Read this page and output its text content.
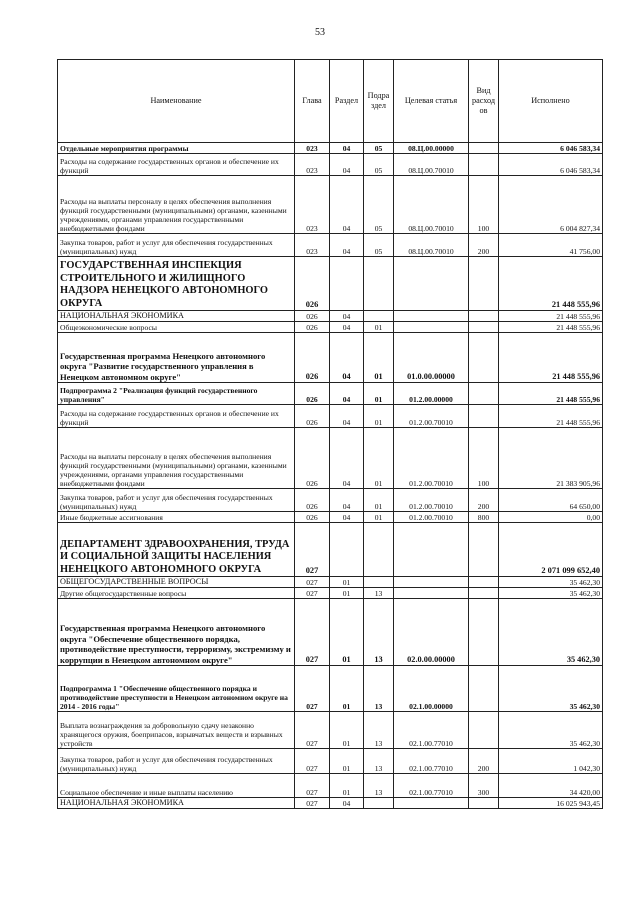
53
Наименование	Глава	Раздел	Подра здел	Целевая статья	Вид расход ов	Исполнено
Отдельные мероприятия программы	023	04	05	08.Ц.00.00000		6 046 583,34
Расходы на содержание государственных органов и обеспечение их функций	023	04	05	08.Ц.00.70010		6 046 583,34
Расходы на выплаты персоналу в целях обеспечения выполнения функций государственными (муниципальными) органами, казенными учреждениями, органами управления государственными внебюджетными фондами	023	04	05	08.Ц.00.70010	100	6 004 827,34
Закупка товаров, работ и услуг для обеспечения государственных (муниципальных) нужд	023	04	05	08.Ц.00.70010	200	41 756,00
ГОСУДАРСТВЕННАЯ ИНСПЕКЦИЯ СТРОИТЕЛЬНОГО И ЖИЛИЩНОГО НАДЗОРА НЕНЕЦКОГО АВТОНОМНОГО ОКРУГА	026					21 448 555,96
НАЦИОНАЛЬНАЯ ЭКОНОМИКА	026	04				21 448 555,96
Общеэкономические вопросы	026	04	01			21 448 555,96
Государственная программа Ненецкого автономного округа "Развитие государственного управления в Ненецком автономном округе"	026	04	01	01.0.00.00000		21 448 555,96
Подпрограмма 2 "Реализация функций государственного управления"	026	04	01	01.2.00.00000		21 448 555,96
Расходы на содержание государственных органов и обеспечение их функций	026	04	01	01.2.00.70010		21 448 555,96
Расходы на выплаты персоналу в целях обеспечения выполнения функций государственными (муниципальными) органами, казенными учреждениями, органами управления государственными внебюджетными фондами	026	04	01	01.2.00.70010	100	21 383 905,96
Закупка товаров, работ и услуг для обеспечения государственных (муниципальных) нужд	026	04	01	01.2.00.70010	200	64 650,00
Иные бюджетные ассигнования	026	04	01	01.2.00.70010	800	0,00
ДЕПАРТАМЕНТ ЗДРАВООХРАНЕНИЯ, ТРУДА И СОЦИАЛЬНОЙ ЗАЩИТЫ НАСЕЛЕНИЯ НЕНЕЦКОГО АВТОНОМНОГО ОКРУГА	027					2 071 099 652,40
ОБЩЕГОСУДАРСТВЕННЫЕ ВОПРОСЫ	027	01				35 462,30
Другие общегосударственные вопросы	027	01	13			35 462,30
Государственная программа Ненецкого автономного округа "Обеспечение общественного порядка, противодействие преступности, терроризму, экстремизму и коррупции в Ненецком автономном округе"	027	01	13	02.0.00.00000		35 462,30
Подпрограмма 1 "Обеспечение общественного порядка и противодействие преступности в Ненецком автономном округе на 2014 - 2016 годы"	027	01	13	02.1.00.00000		35 462,30
Выплата вознаграждения за добровольную сдачу незаконно хранящегося оружия, боеприпасов, взрывчатых веществ и взрывных устройств	027	01	13	02.1.00.77010		35 462,30
Закупка товаров, работ и услуг для обеспечения государственных (муниципальных) нужд	027	01	13	02.1.00.77010	200	1 042,30
Социальное обеспечение и иные выплаты населению	027	01	13	02.1.00.77010	300	34 420,00
НАЦИОНАЛЬНАЯ ЭКОНОМИКА	027	04				16 025 943,45
